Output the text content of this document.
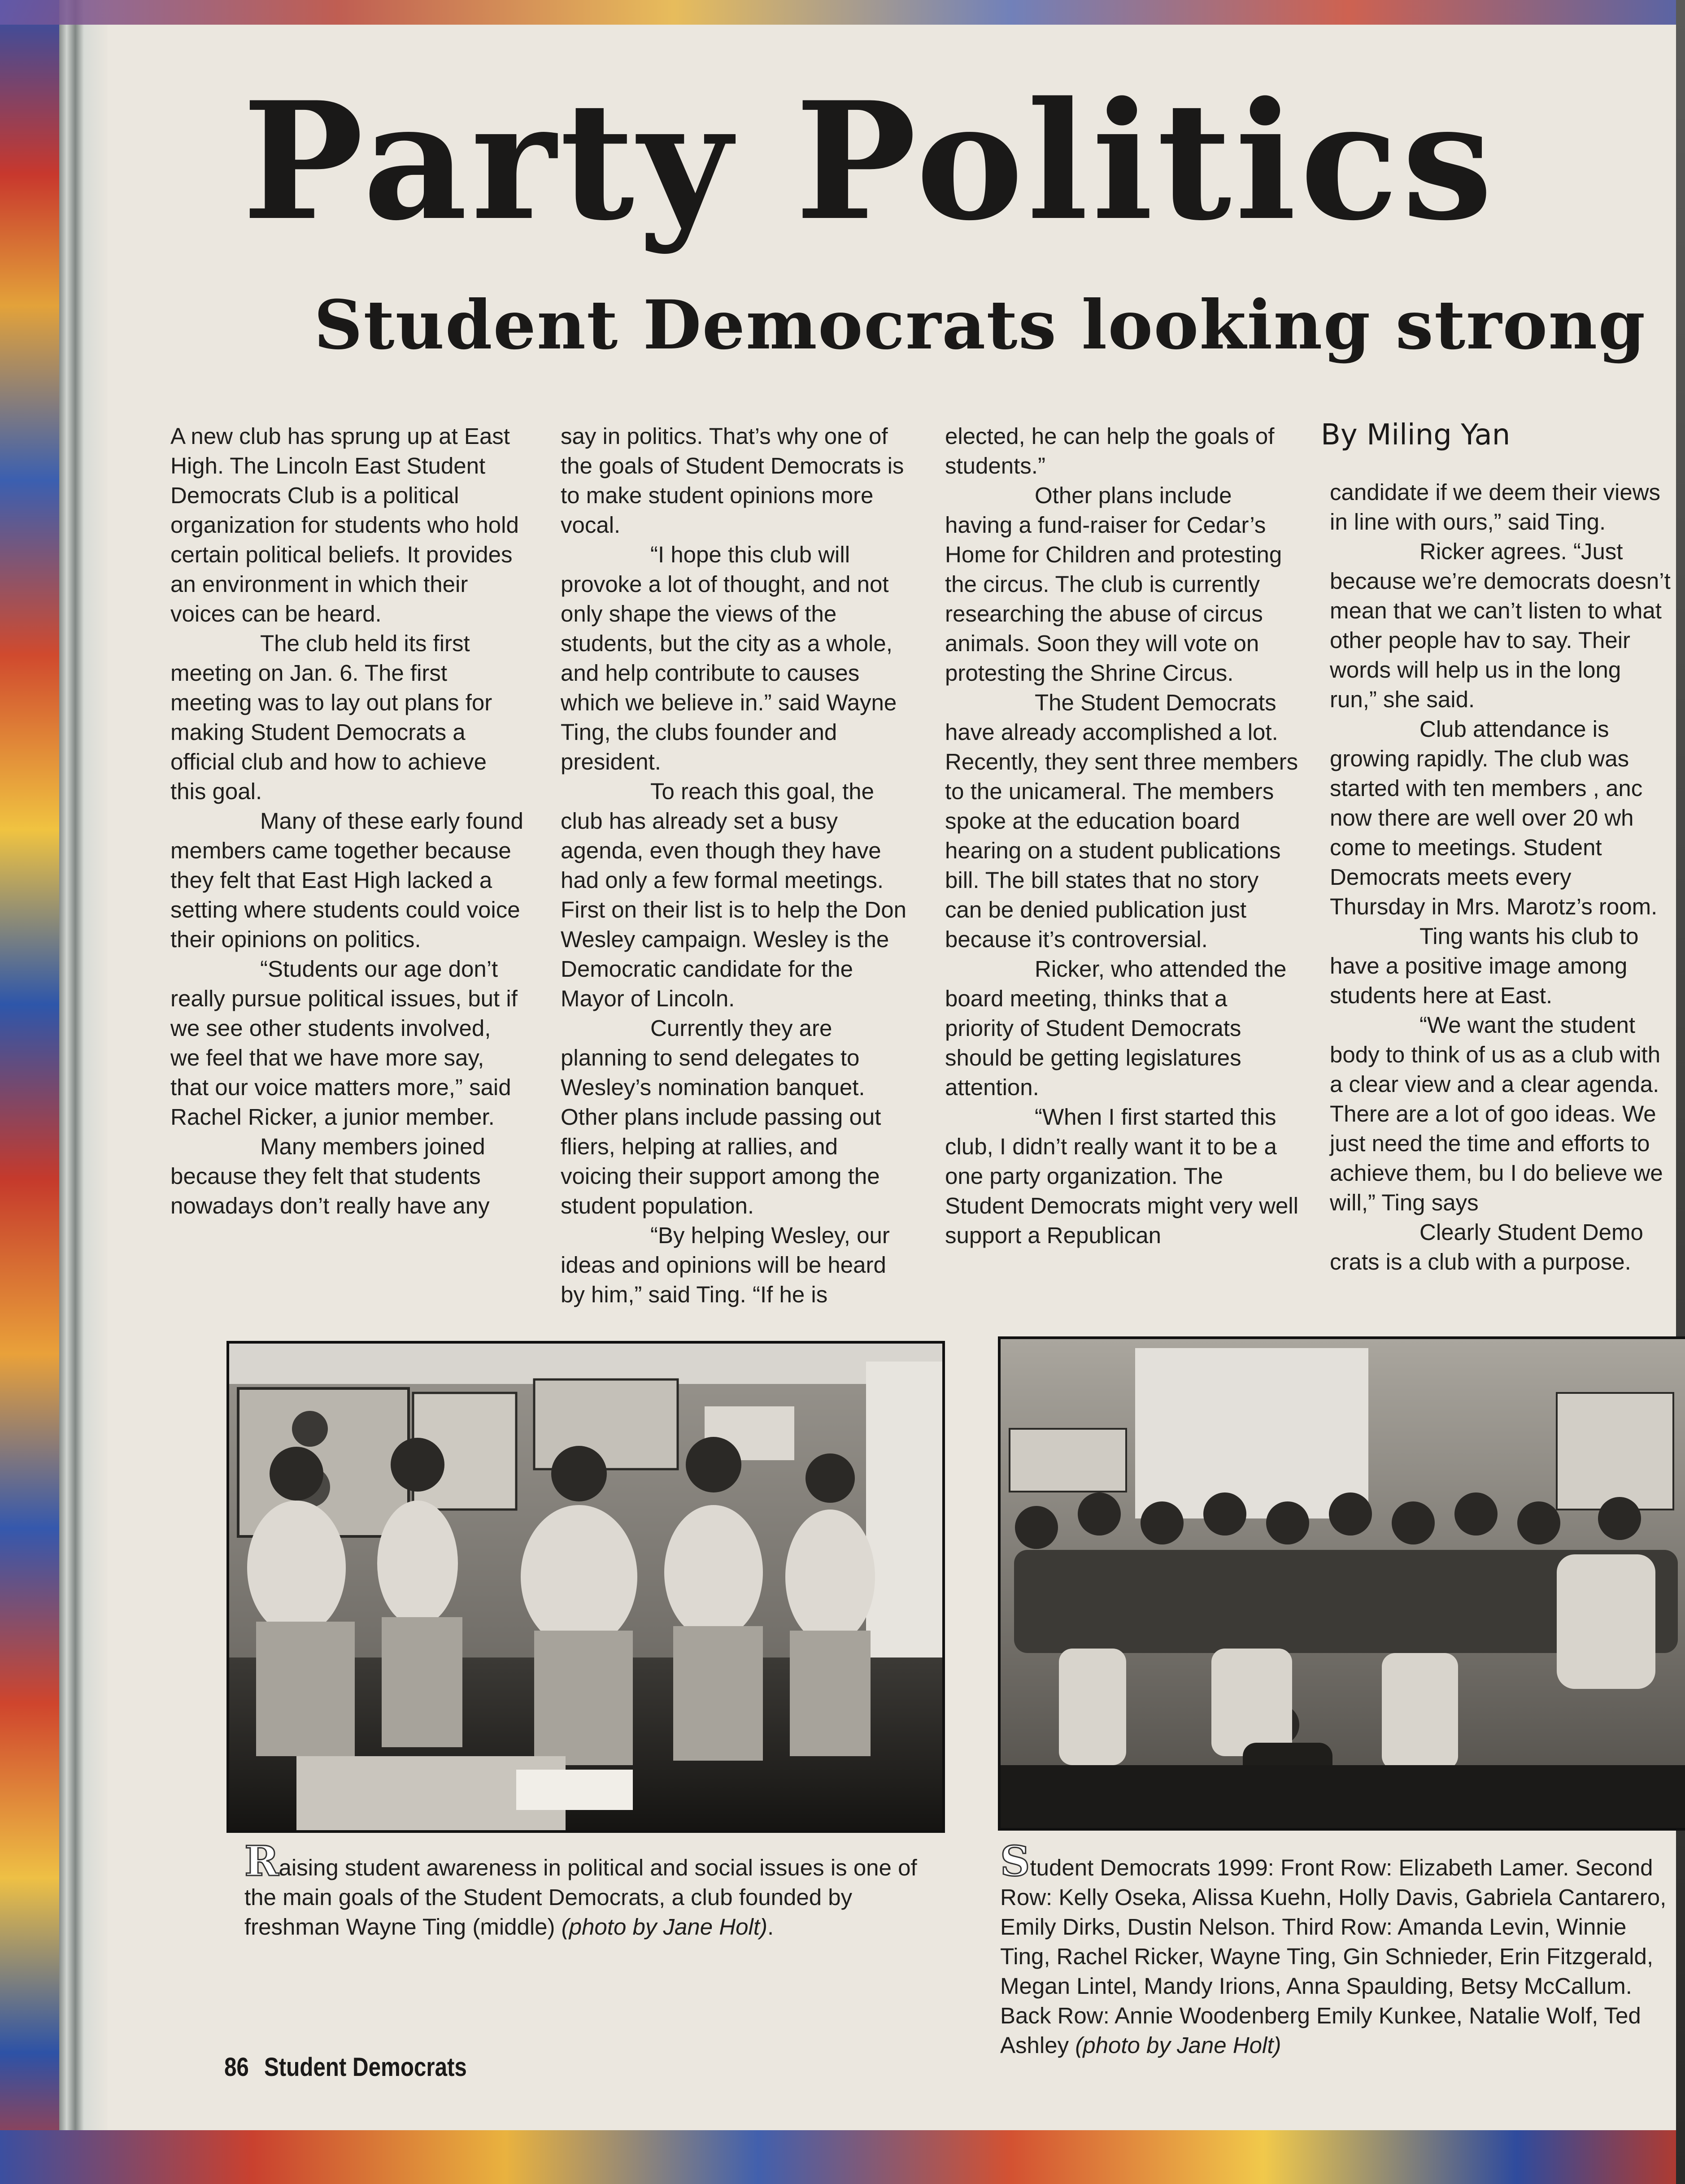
Party Politics
Student Democrats looking strong
By Miling Yan

A new club has sprung up at East High. The Lincoln East Student Democrats Club is a political organization for students who hold certain political beliefs. It provides an environment in which their voices can be heard.

The club held its first meeting on Jan. 6. The first meeting was to lay out plans for making Student Democrats a official club and how to achieve this goal.

Many of these early found members came together because they felt that East High lacked a setting where students could voice their opinions on politics.

“Students our age don’t really pursue political issues, but if we see other students involved, we feel that we have more say, that our voice matters more,” said Rachel Ricker, a junior member.

Many members joined because they felt that students nowadays don’t really have any

say in politics. That’s why one of the goals of Student Democrats is to make student opinions more vocal.

“I hope this club will provoke a lot of thought, and not only shape the views of the students, but the city as a whole, and help contribute to causes which we believe in.” said Wayne Ting, the clubs founder and president.

To reach this goal, the club has already set a busy agenda, even though they have had only a few formal meetings. First on their list is to help the Don Wesley campaign. Wesley is the Democratic candidate for the Mayor of Lincoln.

Currently they are planning to send delegates to Wesley’s nomination banquet. Other plans include passing out fliers, helping at rallies, and voicing their support among the student population.

“By helping Wesley, our ideas and opinions will be heard by him,” said Ting. “If he is

elected, he can help the goals of students.”

Other plans include having a fund-raiser for Cedar’s Home for Children and protesting the circus. The club is currently researching the abuse of circus animals. Soon they will vote on protesting the Shrine Circus.

The Student Democrats have already accomplished a lot. Recently, they sent three members to the unicameral. The members spoke at the education board hearing on a student publications bill. The bill states that no story can be denied publication just because it’s controversial.

Ricker, who attended the board meeting, thinks that a priority of Student Democrats should be getting legislatures attention.

“When I first started this club, I didn’t really want it to be a one party organization. The Student Democrats might very well support a Republican

candidate if we deem their views in line with ours,” said Ting.

Ricker agrees. “Just because we’re democrats doesn’t mean that we can’t listen to what other people hav to say. Their words will help us in the long run,” she said.

Club attendance is growing rapidly. The club was started with ten members , anc now there are well over 20 wh come to meetings. Student Democrats meets every Thursday in Mrs. Marotz’s room.

Ting wants his club to have a positive image among students here at East.

“We want the student body to think of us as a club with a clear view and a clear agenda. There are a lot of goo ideas. We just need the time and efforts to achieve them, bu I do believe we will,” Ting says

Clearly Student Demo crats is a club with a purpose.

Raising student awareness in political and social issues is one of the main goals of the Student Democrats, a club founded by freshman Wayne Ting (middle) (photo by Jane Holt).
Student Democrats 1999: Front Row: Elizabeth Lamer. Second Row: Kelly Oseka, Alissa Kuehn, Holly Davis, Gabriela Cantarero, Emily Dirks, Dustin Nelson. Third Row: Amanda Levin, Winnie Ting, Rachel Ricker, Wayne Ting, Gin Schnieder, Erin Fitzgerald, Megan Lintel, Mandy Irions, Anna Spaulding, Betsy McCallum. Back Row: Annie Woodenberg Emily Kunkee, Natalie Wolf, Ted Ashley (photo by Jane Holt)
86 Student Democrats
